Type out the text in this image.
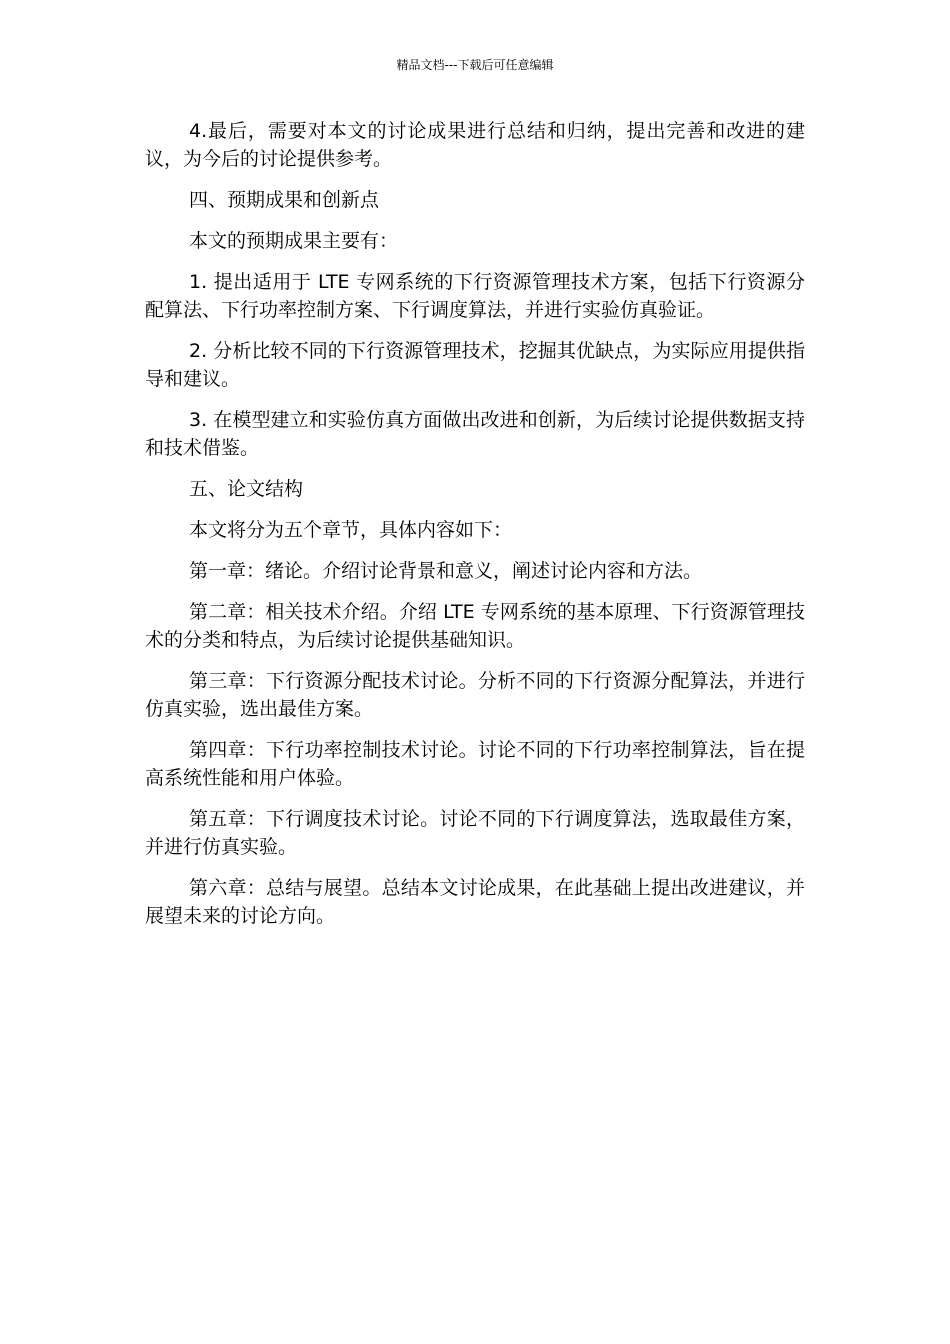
精品文档---下载后可任意编辑

4.最后，需要对本文的讨论成果进行总结和归纳，提出完善和改进的建议，为今后的讨论提供参考。

四、预期成果和创新点

本文的预期成果主要有：

1. 提出适用于 LTE 专网系统的下行资源管理技术方案，包括下行资源分配算法、下行功率控制方案、下行调度算法，并进行实验仿真验证。

2. 分析比较不同的下行资源管理技术，挖掘其优缺点，为实际应用提供指导和建议。

3. 在模型建立和实验仿真方面做出改进和创新，为后续讨论提供数据支持和技术借鉴。

五、论文结构

本文将分为五个章节，具体内容如下：

第一章：绪论。介绍讨论背景和意义，阐述讨论内容和方法。

第二章：相关技术介绍。介绍 LTE 专网系统的基本原理、下行资源管理技术的分类和特点，为后续讨论提供基础知识。

第三章：下行资源分配技术讨论。分析不同的下行资源分配算法，并进行仿真实验，选出最佳方案。

第四章：下行功率控制技术讨论。讨论不同的下行功率控制算法，旨在提高系统性能和用户体验。

第五章：下行调度技术讨论。讨论不同的下行调度算法，选取最佳方案，并进行仿真实验。

第六章：总结与展望。总结本文讨论成果，在此基础上提出改进建议，并展望未来的讨论方向。
